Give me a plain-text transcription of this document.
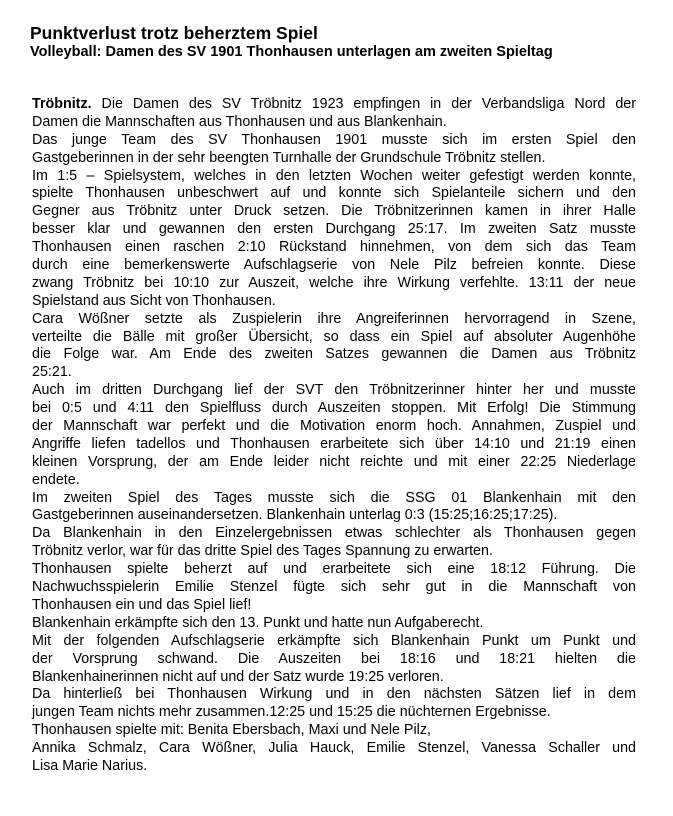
Punktverlust trotz beherztem Spiel
Volleyball: Damen des SV 1901 Thonhausen unterlagen am zweiten Spieltag
Tröbnitz. Die Damen des SV Tröbnitz 1923 empfingen in der Verbandsliga Nord der
Damen die Mannschaften aus Thonhausen und aus Blankenhain.
Das junge Team des SV Thonhausen 1901 musste sich im ersten Spiel den
Gastgeberinnen in der sehr beengten Turnhalle der Grundschule Tröbnitz stellen.
Im 1:5 – Spielsystem, welches in den letzten Wochen weiter gefestigt werden konnte,
spielte Thonhausen unbeschwert auf und konnte sich Spielanteile sichern und den
Gegner aus Tröbnitz unter Druck setzen. Die Tröbnitzerinnen kamen in ihrer Halle
besser klar und gewannen den ersten Durchgang 25:17. Im zweiten Satz musste
Thonhausen einen raschen 2:10 Rückstand hinnehmen, von dem sich das Team
durch eine bemerkenswerte Aufschlagserie von Nele Pilz befreien konnte. Diese
zwang Tröbnitz bei 10:10 zur Auszeit, welche ihre Wirkung verfehlte. 13:11 der neue
Spielstand aus Sicht von Thonhausen.
Cara Wößner setzte als Zuspielerin ihre Angreiferinnen hervorragend in Szene,
verteilte die Bälle mit großer Übersicht, so dass ein Spiel auf absoluter Augenhöhe
die Folge war. Am Ende des zweiten Satzes gewannen die Damen aus Tröbnitz
25:21.
Auch im dritten Durchgang lief der SVT den Tröbnitzerinner hinter her und musste
bei 0:5 und 4:11 den Spielfluss durch Auszeiten stoppen. Mit Erfolg! Die Stimmung
der Mannschaft war perfekt und die Motivation enorm hoch. Annahmen, Zuspiel und
Angriffe liefen tadellos und Thonhausen erarbeitete sich über 14:10 und 21:19 einen
kleinen Vorsprung, der am Ende leider nicht reichte und mit einer 22:25 Niederlage
endete.
Im zweiten Spiel des Tages musste sich die SSG 01 Blankenhain mit den
Gastgeberinnen auseinandersetzen. Blankenhain unterlag 0:3 (15:25;16:25;17:25).
Da Blankenhain in den Einzelergebnissen etwas schlechter als Thonhausen gegen
Tröbnitz verlor, war für das dritte Spiel des Tages Spannung zu erwarten.
Thonhausen spielte beherzt auf und erarbeitete sich eine 18:12 Führung. Die
Nachwuchsspielerin Emilie Stenzel fügte sich sehr gut in die Mannschaft von
Thonhausen ein und das Spiel lief!
Blankenhain erkämpfte sich den 13. Punkt und hatte nun Aufgaberecht.
Mit der folgenden Aufschlagserie erkämpfte sich Blankenhain Punkt um Punkt und
der Vorsprung schwand. Die Auszeiten bei 18:16 und 18:21 hielten die
Blankenhainerinnen nicht auf und der Satz wurde 19:25 verloren.
Da hinterließ bei Thonhausen Wirkung und in den nächsten Sätzen lief in dem
jungen Team nichts mehr zusammen.12:25 und 15:25 die nüchternen Ergebnisse.
Thonhausen spielte mit: Benita Ebersbach, Maxi und Nele Pilz,
Annika Schmalz, Cara Wößner, Julia Hauck, Emilie Stenzel, Vanessa Schaller und
Lisa Marie Narius.
